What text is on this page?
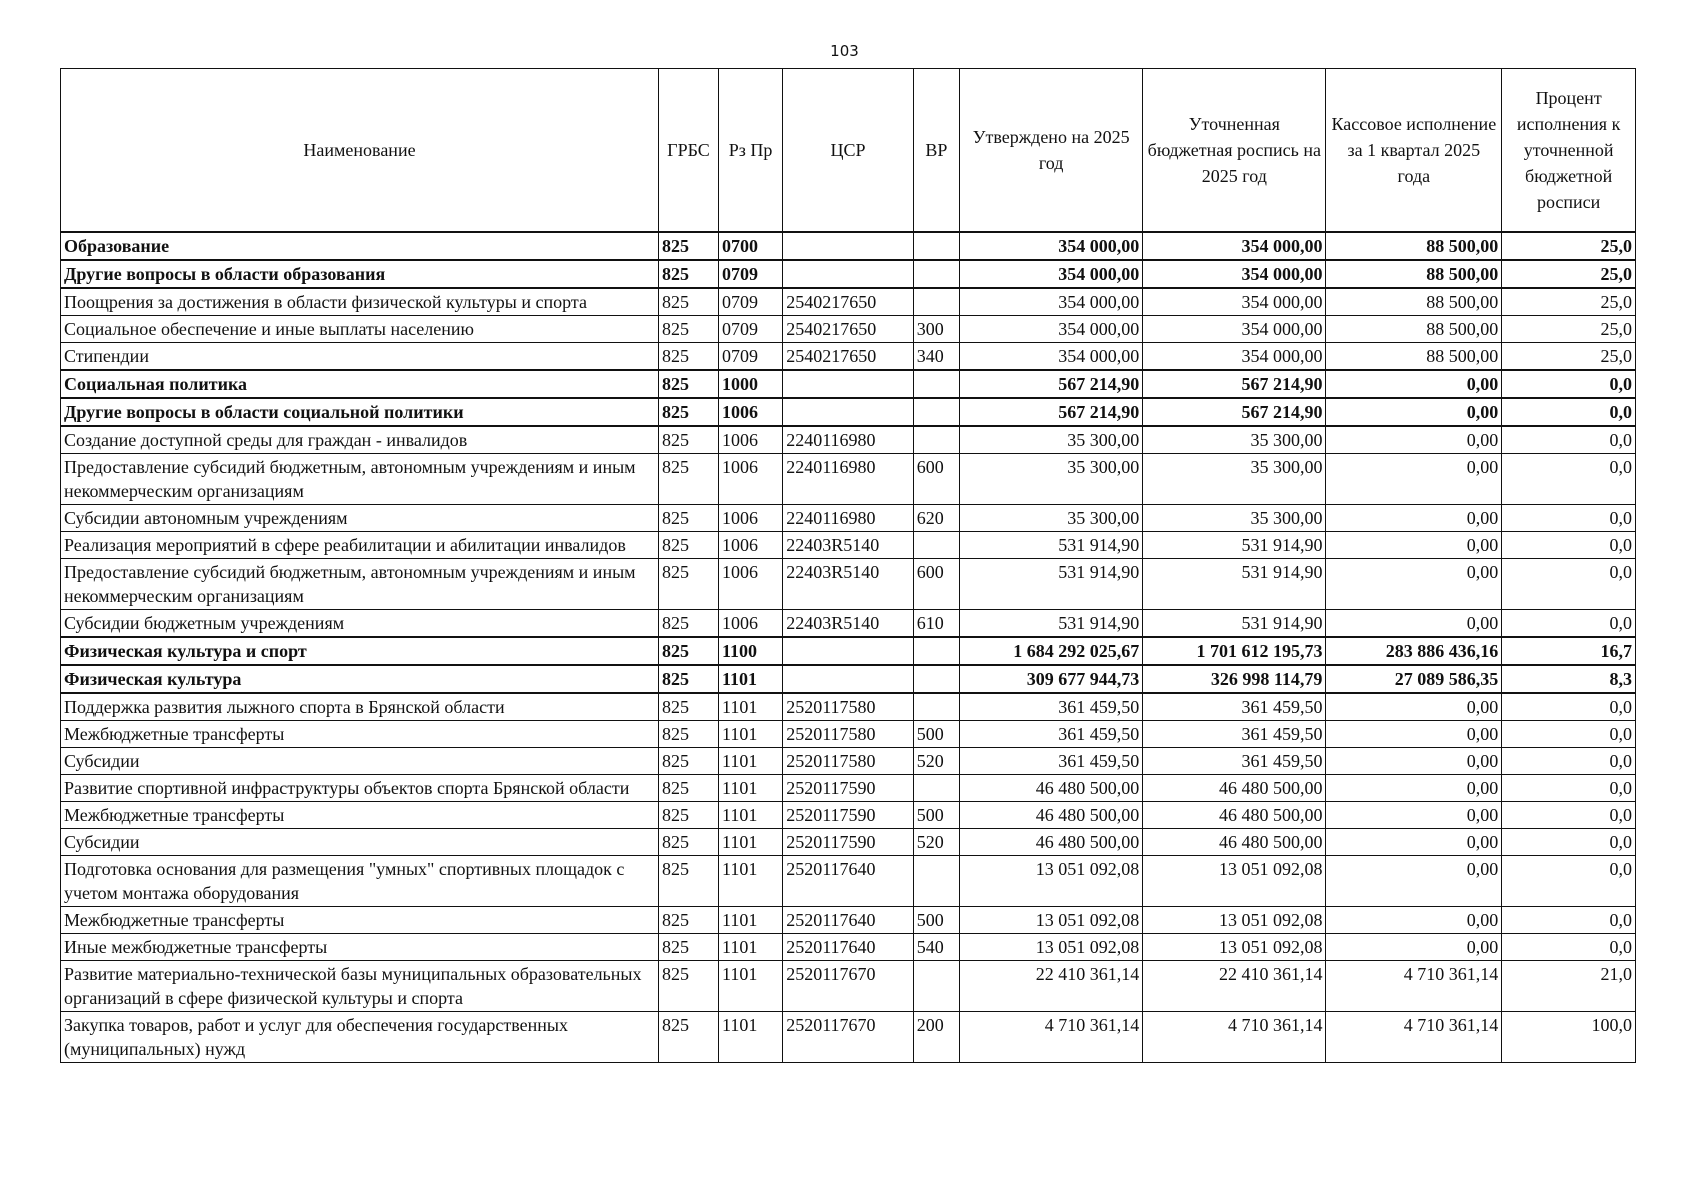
103
Наименование	ГРБС	Рз Пр	ЦСР	ВР	Утверждено на 2025 год	Уточненная бюджетная роспись на 2025 год	Кассовое исполнение за 1 квартал 2025 года	Процент исполнения к уточненной бюджетной росписи
Образование	825	0700			354 000,00	354 000,00	88 500,00	25,0
Другие вопросы в области образования	825	0709			354 000,00	354 000,00	88 500,00	25,0
Поощрения за достижения в области физической культуры и спорта	825	0709	2540217650		354 000,00	354 000,00	88 500,00	25,0
Социальное обеспечение и иные выплаты населению	825	0709	2540217650	300	354 000,00	354 000,00	88 500,00	25,0
Стипендии	825	0709	2540217650	340	354 000,00	354 000,00	88 500,00	25,0
Социальная политика	825	1000			567 214,90	567 214,90	0,00	0,0
Другие вопросы в области социальной политики	825	1006			567 214,90	567 214,90	0,00	0,0
Создание доступной среды для граждан - инвалидов	825	1006	2240116980		35 300,00	35 300,00	0,00	0,0
Предоставление субсидий бюджетным, автономным учреждениям и иным некоммерческим организациям	825	1006	2240116980	600	35 300,00	35 300,00	0,00	0,0
Субсидии автономным учреждениям	825	1006	2240116980	620	35 300,00	35 300,00	0,00	0,0
Реализация мероприятий в сфере реабилитации и абилитации инвалидов	825	1006	22403R5140		531 914,90	531 914,90	0,00	0,0
Предоставление субсидий бюджетным, автономным учреждениям и иным некоммерческим организациям	825	1006	22403R5140	600	531 914,90	531 914,90	0,00	0,0
Субсидии бюджетным учреждениям	825	1006	22403R5140	610	531 914,90	531 914,90	0,00	0,0
Физическая культура и спорт	825	1100			1 684 292 025,67	1 701 612 195,73	283 886 436,16	16,7
Физическая культура	825	1101			309 677 944,73	326 998 114,79	27 089 586,35	8,3
Поддержка развития лыжного спорта в Брянской области	825	1101	2520117580		361 459,50	361 459,50	0,00	0,0
Межбюджетные трансферты	825	1101	2520117580	500	361 459,50	361 459,50	0,00	0,0
Субсидии	825	1101	2520117580	520	361 459,50	361 459,50	0,00	0,0
Развитие спортивной инфраструктуры объектов спорта Брянской области	825	1101	2520117590		46 480 500,00	46 480 500,00	0,00	0,0
Межбюджетные трансферты	825	1101	2520117590	500	46 480 500,00	46 480 500,00	0,00	0,0
Субсидии	825	1101	2520117590	520	46 480 500,00	46 480 500,00	0,00	0,0
Подготовка основания для размещения "умных" спортивных площадок с учетом монтажа оборудования	825	1101	2520117640		13 051 092,08	13 051 092,08	0,00	0,0
Межбюджетные трансферты	825	1101	2520117640	500	13 051 092,08	13 051 092,08	0,00	0,0
Иные межбюджетные трансферты	825	1101	2520117640	540	13 051 092,08	13 051 092,08	0,00	0,0
Развитие материально-технической базы муниципальных образовательных организаций в сфере физической культуры и спорта	825	1101	2520117670		22 410 361,14	22 410 361,14	4 710 361,14	21,0
Закупка товаров, работ и услуг для обеспечения государственных (муниципальных) нужд	825	1101	2520117670	200	4 710 361,14	4 710 361,14	4 710 361,14	100,0
